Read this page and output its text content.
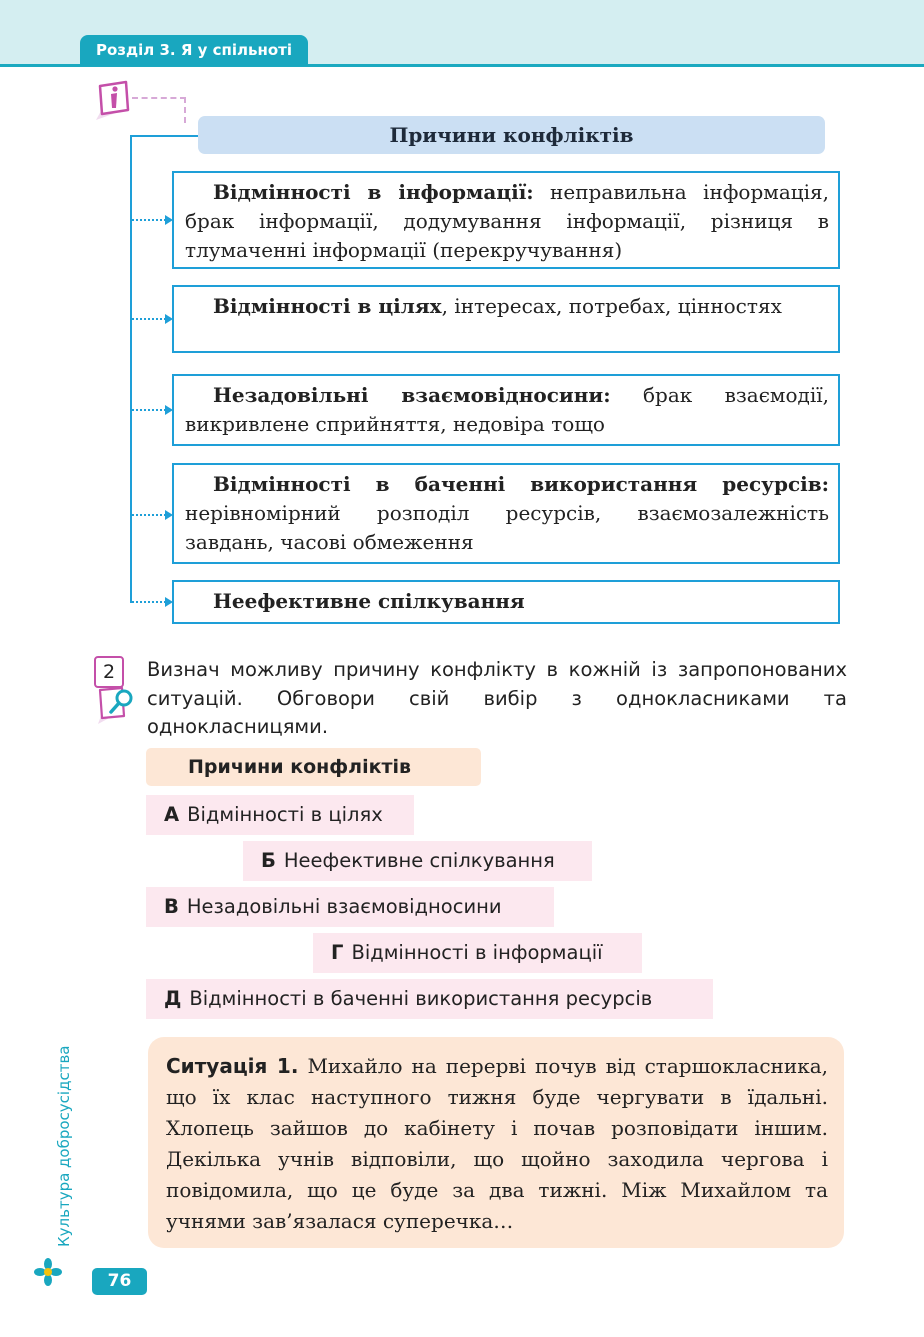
Розділ 3. Я у спільноті
Причини конфліктів
Відмінності в інформації: неправильна інформація, брак інформації, додумування інформації, різниця в тлумаченні інформації (перекручування)
Відмінності в цілях, інтересах, потребах, цінностях
Незадовільні взаємовідносини: брак взаємодії, викривлене сприйняття, недовіра тощо
Відмінності в баченні використання ресурсів: нерівномірний розподіл ресурсів, взаємозалежність завдань, часові обмеження
Неефективне спілкування
2	Визнач можливу причину конфлікту в кожній із запропонованих ситуацій. Обговори свій вибір з однокласниками та однокласницями.
Причини конфліктів
А Відмінності в цілях
Б Неефективне спілкування
В Незадовільні взаємовідносини
Г Відмінності в інформації
Д Відмінності в баченні використання ресурсів
Ситуація 1. Михайло на перерві почув від старшокласника, що їх клас наступного тижня буде чергувати в їдальні. Хлопець зайшов до кабінету і почав розповідати іншим. Декілька учнів відповіли, що щойно заходила чергова і повідомила, що це буде за два тижні. Між Михайлом та учнями зав’язалася суперечка…
Культура добросусідства
76
